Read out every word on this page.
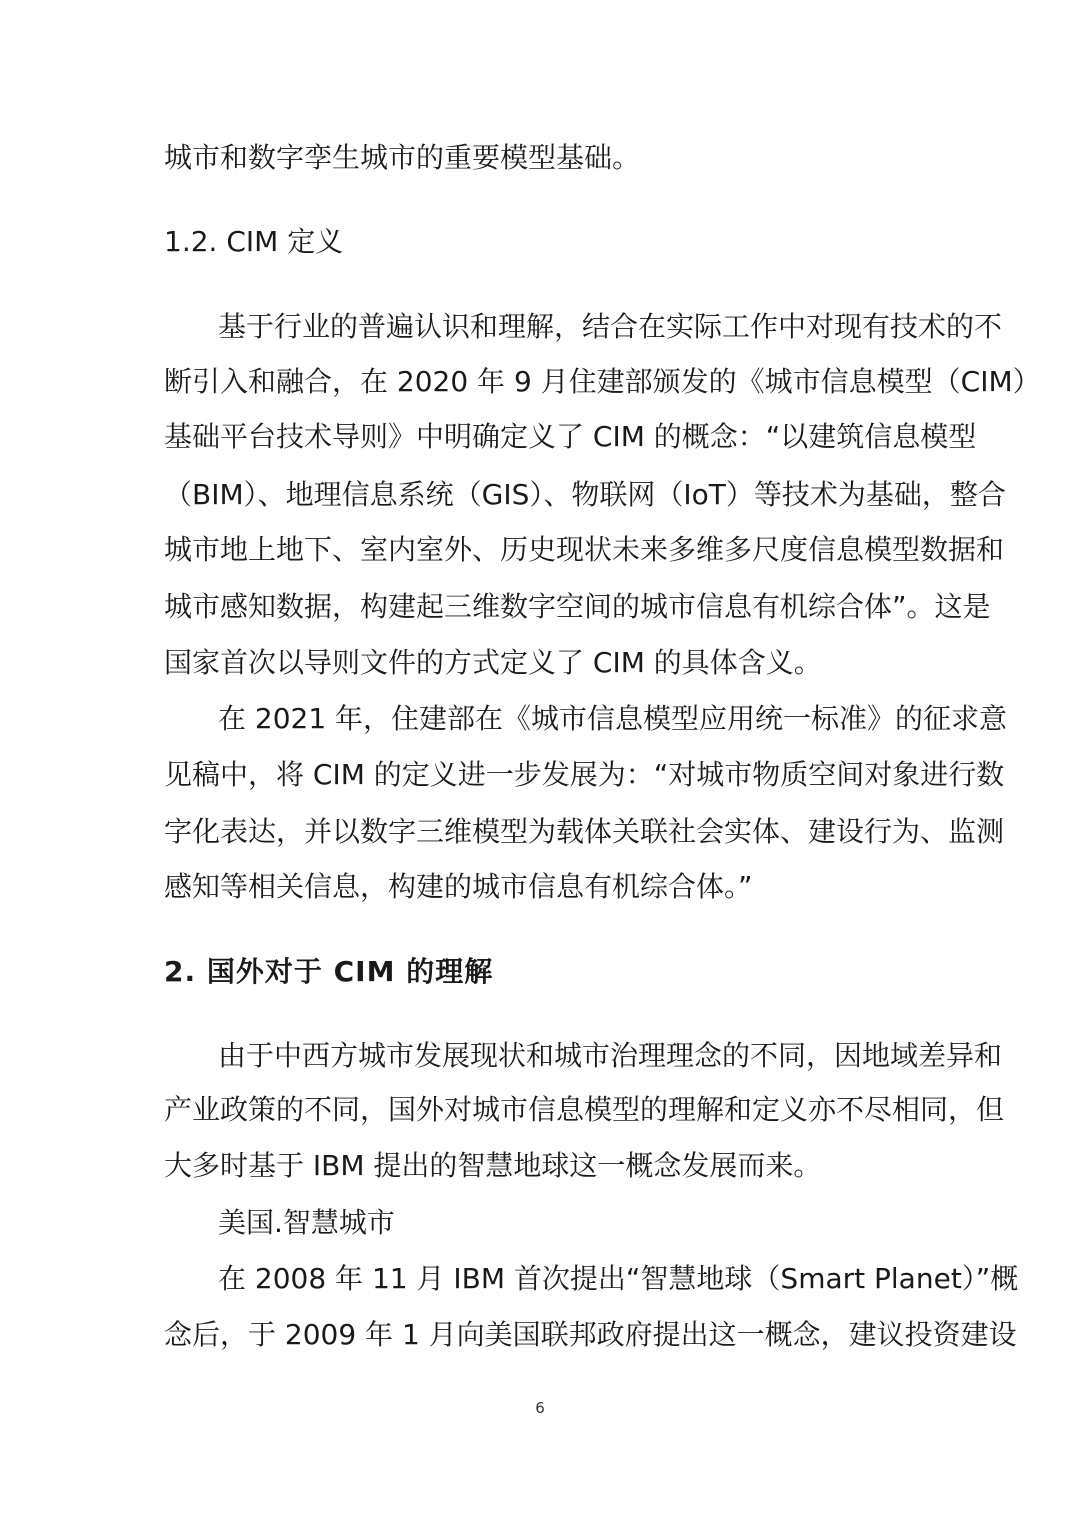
城市和数字孪生城市的重要模型基础。
1.2. CIM 定义
基于行业的普遍认识和理解，结合在实际工作中对现有技术的不
断引入和融合，在 2020 年 9 月住建部颁发的《城市信息模型（CIM）
基础平台技术导则》中明确定义了 CIM 的概念：“以建筑信息模型
（BIM）、地理信息系统（GIS）、物联网（IoT）等技术为基础，整合
城市地上地下、室内室外、历史现状未来多维多尺度信息模型数据和
城市感知数据，构建起三维数字空间的城市信息有机综合体”。这是
国家首次以导则文件的方式定义了 CIM 的具体含义。
在 2021 年，住建部在《城市信息模型应用统一标准》的征求意
见稿中，将 CIM 的定义进一步发展为：“对城市物质空间对象进行数
字化表达，并以数字三维模型为载体关联社会实体、建设行为、监测
感知等相关信息，构建的城市信息有机综合体。”
2. 国外对于 CIM 的理解
由于中西方城市发展现状和城市治理理念的不同，因地域差异和
产业政策的不同，国外对城市信息模型的理解和定义亦不尽相同，但
大多时基于 IBM 提出的智慧地球这一概念发展而来。
美国.智慧城市
在 2008 年 11 月 IBM 首次提出“智慧地球（Smart Planet）”概
念后，于 2009 年 1 月向美国联邦政府提出这一概念，建议投资建设
6
